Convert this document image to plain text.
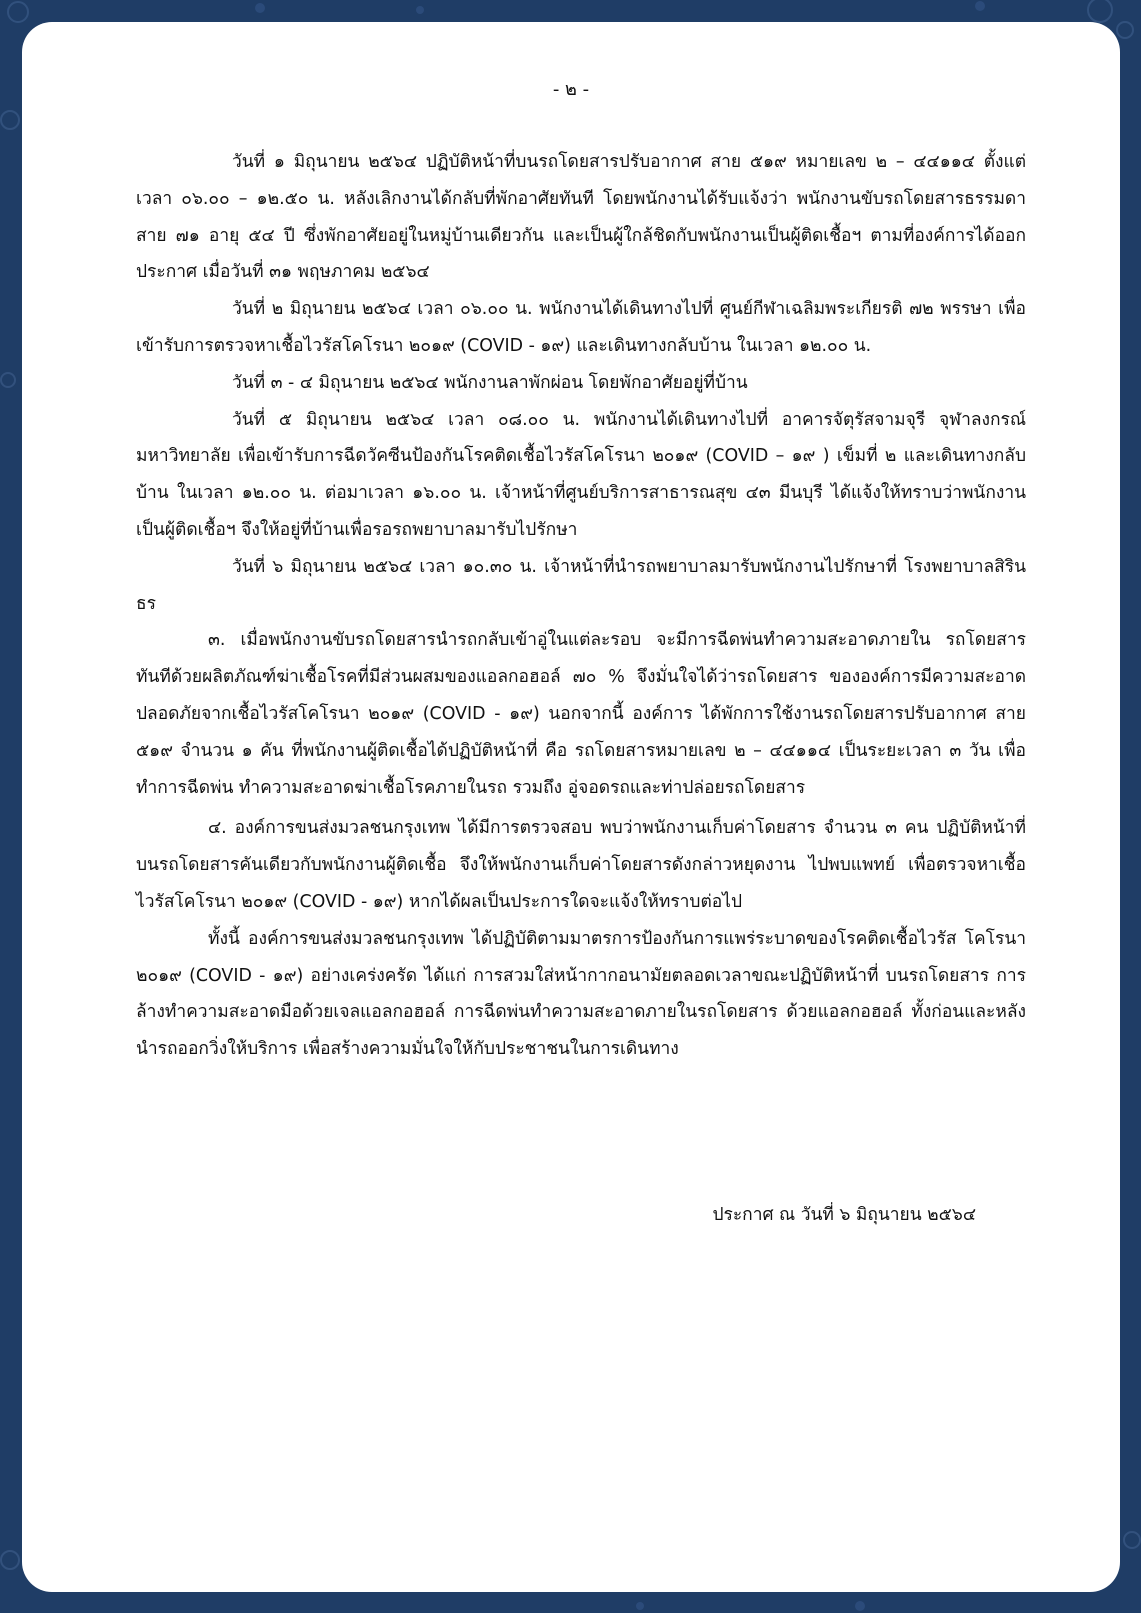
- ๒ -

วันที่ ๑ มิถุนายน ๒๕๖๔ ปฏิบัติหน้าที่บนรถโดยสารปรับอากาศ สาย ๕๑๙ หมายเลข ๒ – ๔๔๑๑๔ ตั้งแต่เวลา ๐๖.๐๐ – ๑๒.๕๐ น. หลังเลิกงานได้กลับที่พักอาศัยทันที โดยพนักงานได้รับแจ้งว่า พนักงานขับรถโดยสารธรรมดา สาย ๗๑ อายุ ๕๔ ปี ซึ่งพักอาศัยอยู่ในหมู่บ้านเดียวกัน และเป็นผู้ใกล้ชิดกับพนักงานเป็นผู้ติดเชื้อฯ ตามที่องค์การได้ออกประกาศ เมื่อวันที่ ๓๑ พฤษภาคม ๒๕๖๔

วันที่ ๒ มิถุนายน ๒๕๖๔ เวลา ๐๖.๐๐ น. พนักงานได้เดินทางไปที่ ศูนย์กีฬาเฉลิมพระเกียรติ ๗๒ พรรษา เพื่อเข้ารับการตรวจหาเชื้อไวรัสโคโรนา ๒๐๑๙ (COVID - ๑๙) และเดินทางกลับบ้าน ในเวลา ๑๒.๐๐ น.

วันที่ ๓ - ๔ มิถุนายน ๒๕๖๔ พนักงานลาพักผ่อน โดยพักอาศัยอยู่ที่บ้าน

วันที่ ๕ มิถุนายน ๒๕๖๔ เวลา ๐๘.๐๐ น. พนักงานได้เดินทางไปที่ อาคารจัตุรัสจามจุรี จุฬาลงกรณ์มหาวิทยาลัย เพื่อเข้ารับการฉีดวัคซีนป้องกันโรคติดเชื้อไวรัสโคโรนา ๒๐๑๙ (COVID – ๑๙ ) เข็มที่ ๒ และเดินทางกลับบ้าน ในเวลา ๑๒.๐๐ น. ต่อมาเวลา ๑๖.๐๐ น. เจ้าหน้าที่ศูนย์บริการสาธารณสุข ๔๓ มีนบุรี ได้แจ้งให้ทราบว่าพนักงานเป็นผู้ติดเชื้อฯ จึงให้อยู่ที่บ้านเพื่อรอรถพยาบาลมารับไปรักษา

วันที่ ๖ มิถุนายน ๒๕๖๔ เวลา ๑๐.๓๐ น. เจ้าหน้าที่นำรถพยาบาลมารับพนักงานไปรักษาที่ โรงพยาบาลสิรินธร

๓. เมื่อพนักงานขับรถโดยสารนำรถกลับเข้าอู่ในแต่ละรอบ จะมีการฉีดพ่นทำความสะอาดภายใน รถโดยสารทันทีด้วยผลิตภัณฑ์ฆ่าเชื้อโรคที่มีส่วนผสมของแอลกอฮอล์ ๗๐ % จึงมั่นใจได้ว่ารถโดยสาร ขององค์การมีความสะอาด ปลอดภัยจากเชื้อไวรัสโคโรนา ๒๐๑๙ (COVID - ๑๙) นอกจากนี้ องค์การ ได้พักการใช้งานรถโดยสารปรับอากาศ สาย ๕๑๙ จำนวน ๑ คัน ที่พนักงานผู้ติดเชื้อได้ปฏิบัติหน้าที่ คือ รถโดยสารหมายเลข ๒ – ๔๔๑๑๔ เป็นระยะเวลา ๓ วัน เพื่อทำการฉีดพ่น ทำความสะอาดฆ่าเชื้อโรคภายในรถ รวมถึง อู่จอดรถและท่าปล่อยรถโดยสาร

๔. องค์การขนส่งมวลชนกรุงเทพ ได้มีการตรวจสอบ พบว่าพนักงานเก็บค่าโดยสาร จำนวน ๓ คน ปฏิบัติหน้าที่บนรถโดยสารคันเดียวกับพนักงานผู้ติดเชื้อ จึงให้พนักงานเก็บค่าโดยสารดังกล่าวหยุดงาน ไปพบแพทย์ เพื่อตรวจหาเชื้อไวรัสโคโรนา ๒๐๑๙ (COVID - ๑๙) หากได้ผลเป็นประการใดจะแจ้งให้ทราบต่อไป

ทั้งนี้ องค์การขนส่งมวลชนกรุงเทพ ได้ปฏิบัติตามมาตรการป้องกันการแพร่ระบาดของโรคติดเชื้อไวรัส โคโรนา ๒๐๑๙ (COVID - ๑๙) อย่างเคร่งครัด ได้แก่ การสวมใส่หน้ากากอนามัยตลอดเวลาขณะปฏิบัติหน้าที่ บนรถโดยสาร การล้างทำความสะอาดมือด้วยเจลแอลกอฮอล์ การฉีดพ่นทำความสะอาดภายในรถโดยสาร ด้วยแอลกอฮอล์ ทั้งก่อนและหลังนำรถออกวิ่งให้บริการ เพื่อสร้างความมั่นใจให้กับประชาชนในการเดินทาง

ประกาศ ณ วันที่ ๖ มิถุนายน ๒๕๖๔
